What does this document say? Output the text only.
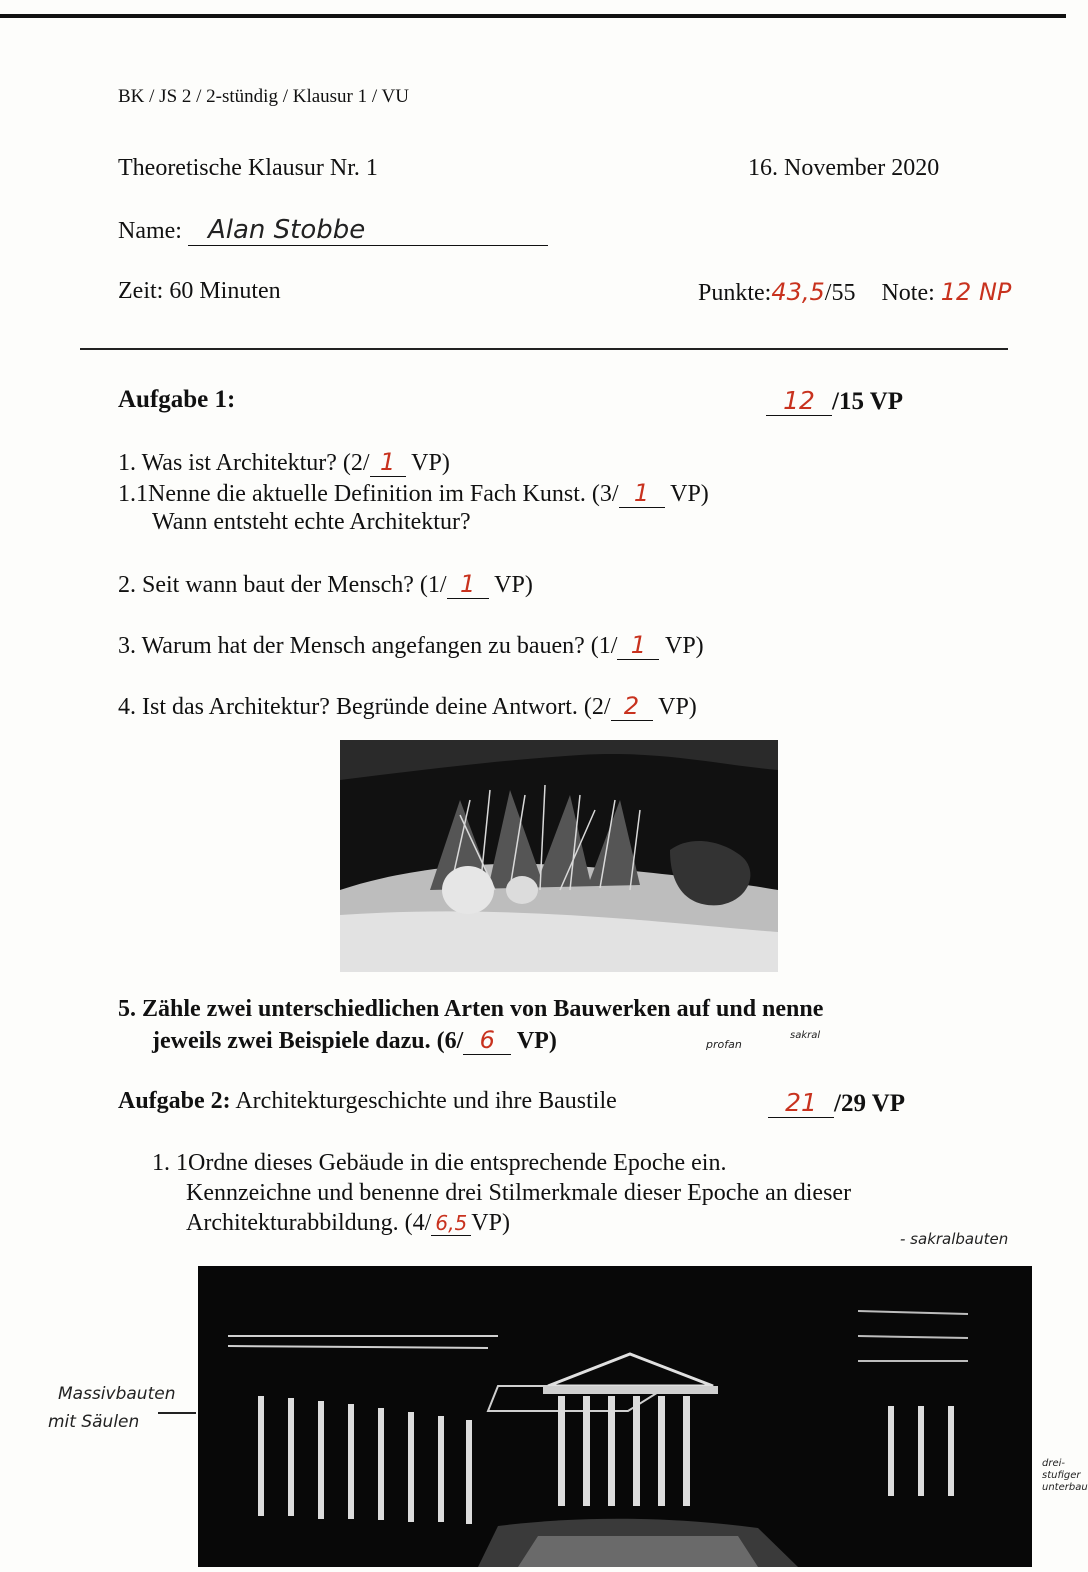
BK / JS 2 / 2-stündig / Klausur 1 / VU
Theoretische Klausur Nr. 1	16. November 2020
Name: Alan Stobbe
Zeit: 60 Minuten	Punkte:43,5/55 Note: 12 NP
Aufgabe 1:	12 /15 VP
1. Was ist Architektur? (2/ 1 VP)
1.1Nenne die aktuelle Definition im Fach Kunst. (3/ 1 VP)
Wann entsteht echte Architektur?
2. Seit wann baut der Mensch? (1/ 1 VP)
3. Warum hat der Mensch angefangen zu bauen? (1/ 1 VP)
4. Ist das Architektur? Begründe deine Antwort. (2/ 2 VP)
5. Zähle zwei unterschiedlichen Arten von Bauwerken auf und nenne
jeweils zwei Beispiele dazu. (6/ 6 VP)	profan
sakral
Aufgabe 2: Architekturgeschichte und ihre Baustile	21 /29 VP
1. 1Ordne dieses Gebäude in die entsprechende Epoche ein.
Kennzeichne und benenne drei Stilmerkmale dieser Epoche an dieser
Architekturabbildung. (4/ 6,5 VP)
- sakralbauten
Massivbauten
mit Säulen
drei-stufiger unterbau
